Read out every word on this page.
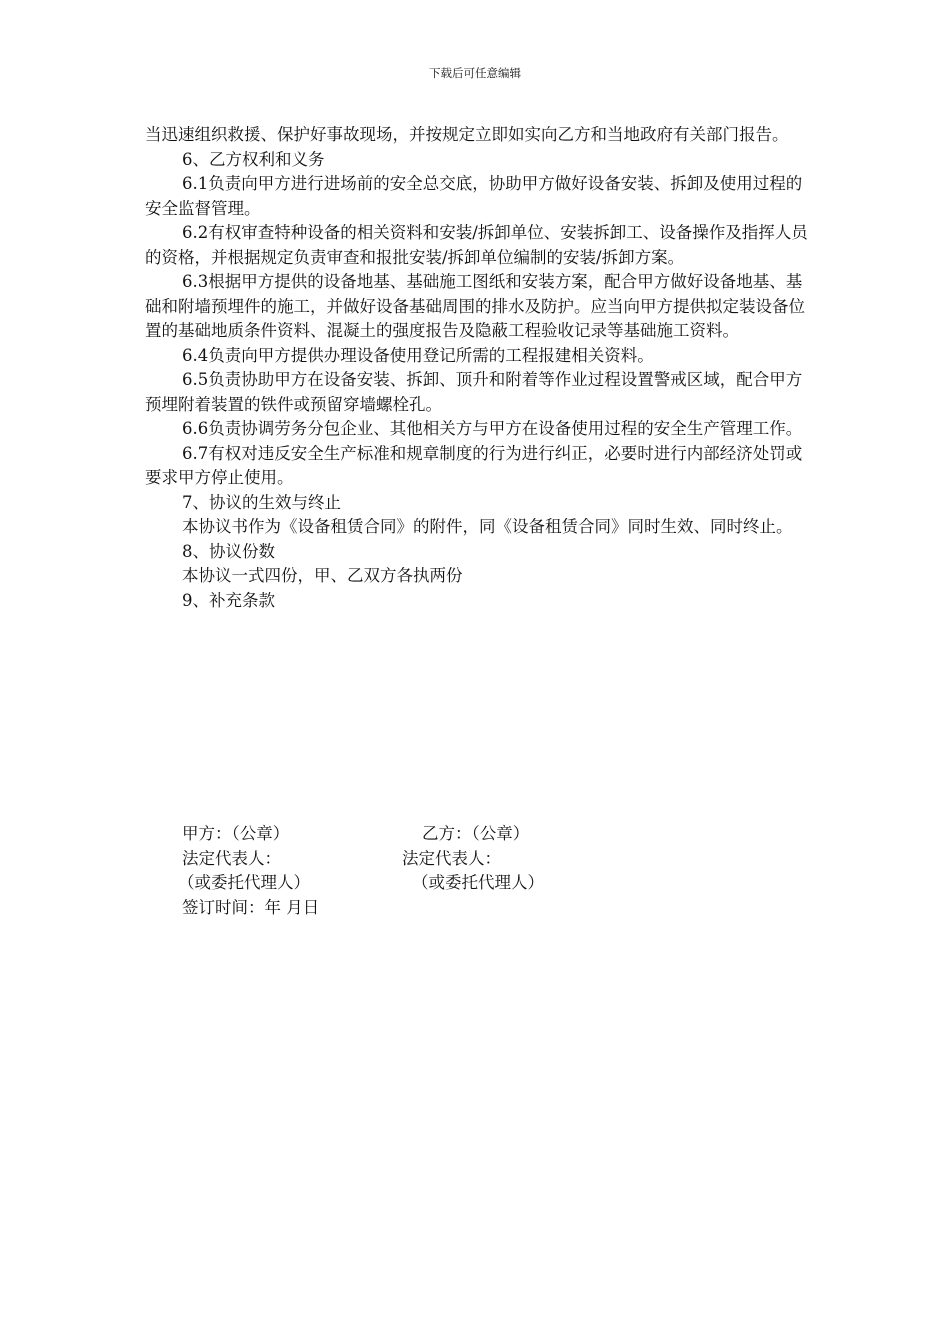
下载后可任意编辑

当迅速组织救援、保护好事故现场，并按规定立即如实向乙方和当地政府有关部门报告。

6、乙方权利和义务

6.1负责向甲方进行进场前的安全总交底，协助甲方做好设备安装、拆卸及使用过程的安全监督管理。

6.2有权审查特种设备的相关资料和安装/拆卸单位、安装拆卸工、设备操作及指挥人员的资格，并根据规定负责审查和报批安装/拆卸单位编制的安装/拆卸方案。

6.3根据甲方提供的设备地基、基础施工图纸和安装方案，配合甲方做好设备地基、基础和附墙预埋件的施工，并做好设备基础周围的排水及防护。应当向甲方提供拟定装设备位置的基础地质条件资料、混凝土的强度报告及隐蔽工程验收记录等基础施工资料。

6.4负责向甲方提供办理设备使用登记所需的工程报建相关资料。

6.5负责协助甲方在设备安装、拆卸、顶升和附着等作业过程设置警戒区域，配合甲方预埋附着装置的铁件或预留穿墙螺栓孔。

6.6负责协调劳务分包企业、其他相关方与甲方在设备使用过程的安全生产管理工作。

6.7有权对违反安全生产标准和规章制度的行为进行纠正，必要时进行内部经济处罚或要求甲方停止使用。

7、协议的生效与终止

本协议书作为《设备租赁合同》的附件，同《设备租赁合同》同时生效、同时终止。

8、协议份数

本协议一式四份，甲、乙双方各执两份

9、补充条款

甲方：（公章）	乙方：（公章）
法定代表人：	法定代表人：
（或委托代理人）	（或委托代理人）
签订时间：年 月日
